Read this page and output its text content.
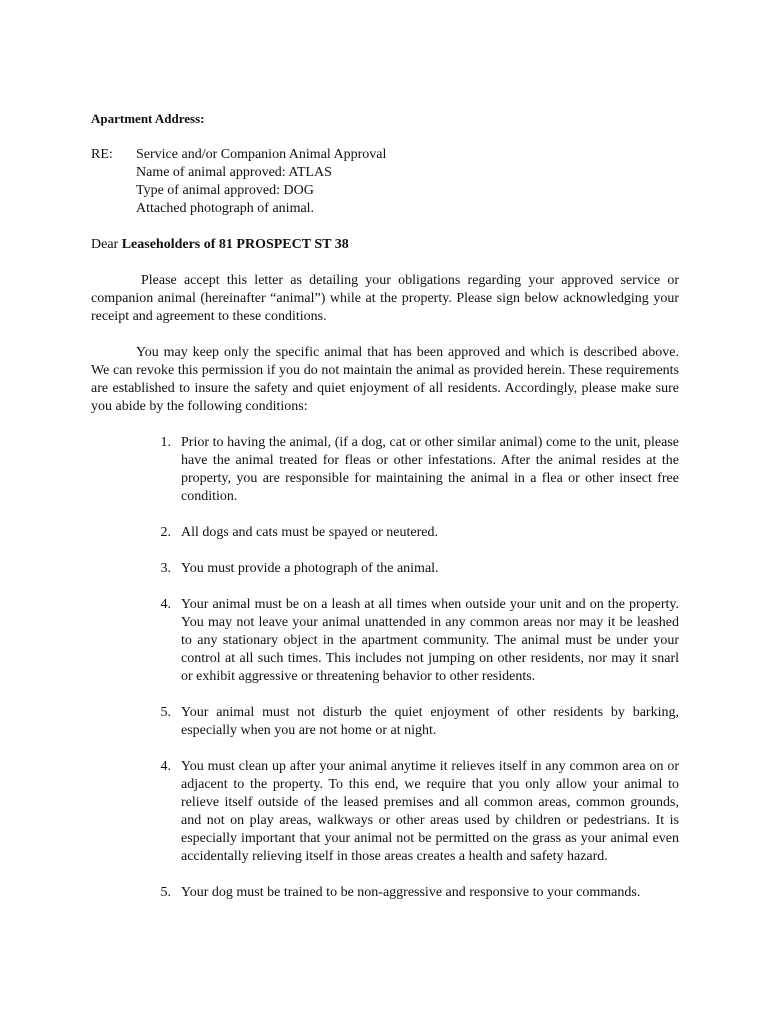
Apartment Address:
RE:	Service and/or Companion Animal Approval
Name of animal approved: ATLAS
Type of animal approved: DOG
Attached photograph of animal.
Dear Leaseholders of 81 PROSPECT ST 38

Please accept this letter as detailing your obligations regarding your approved service or companion animal (hereinafter “animal”) while at the property. Please sign below acknowledging your receipt and agreement to these conditions.

You may keep only the specific animal that has been approved and which is described above. We can revoke this permission if you do not maintain the animal as provided herein. These requirements are established to insure the safety and quiet enjoyment of all residents. Accordingly, please make sure you abide by the following conditions:

1. Prior to having the animal, (if a dog, cat or other similar animal) come to the unit, please have the animal treated for fleas or other infestations. After the animal resides at the property, you are responsible for maintaining the animal in a flea or other insect free condition.
2. All dogs and cats must be spayed or neutered.
3. You must provide a photograph of the animal.
4. Your animal must be on a leash at all times when outside your unit and on the property. You may not leave your animal unattended in any common areas nor may it be leashed to any stationary object in the apartment community. The animal must be under your control at all such times. This includes not jumping on other residents, nor may it snarl or exhibit aggressive or threatening behavior to other residents.
5. Your animal must not disturb the quiet enjoyment of other residents by barking, especially when you are not home or at night.
4. You must clean up after your animal anytime it relieves itself in any common area on or adjacent to the property. To this end, we require that you only allow your animal to relieve itself outside of the leased premises and all common areas, common grounds, and not on play areas, walkways or other areas used by children or pedestrians. It is especially important that your animal not be permitted on the grass as your animal even accidentally relieving itself in those areas creates a health and safety hazard.
5. Your dog must be trained to be non-aggressive and responsive to your commands.
